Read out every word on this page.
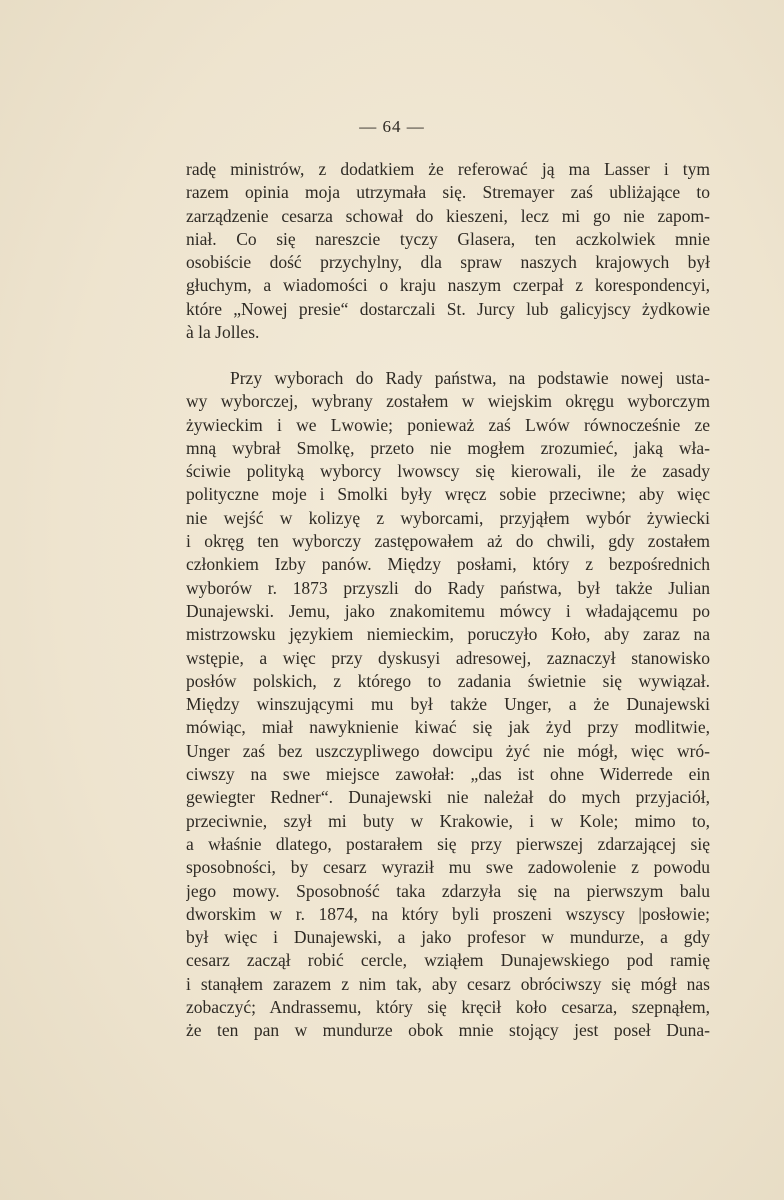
— 64 —
radę ministrów, z dodatkiem że referować ją ma Lasser i tym
razem opinia moja utrzymała się. Stremayer zaś ubliżające to
zarządzenie cesarza schował do kieszeni, lecz mi go nie zapom-
niał. Co się nareszcie tyczy Glasera, ten aczkolwiek mnie
osobiście dość przychylny, dla spraw naszych krajowych był
głuchym, a wiadomości o kraju naszym czerpał z korespondencyi,
które „Nowej presie“ dostarczali St. Jurcy lub galicyjscy żydkowie
à la Jolles.
Przy wyborach do Rady państwa, na podstawie nowej usta-
wy wyborczej, wybrany zostałem w wiejskim okręgu wyborczym
żywieckim i we Lwowie; ponieważ zaś Lwów równocześnie ze
mną wybrał Smolkę, przeto nie mogłem zrozumieć, jaką wła-
ściwie polityką wyborcy lwowscy się kierowali, ile że zasady
polityczne moje i Smolki były wręcz sobie przeciwne; aby więc
nie wejść w kolizyę z wyborcami, przyjąłem wybór żywiecki
i okręg ten wyborczy zastępowałem aż do chwili, gdy zostałem
członkiem Izby panów. Między posłami, który z bezpośrednich
wyborów r. 1873 przyszli do Rady państwa, był także Julian
Dunajewski. Jemu, jako znakomitemu mówcy i władającemu po
mistrzowsku językiem niemieckim, poruczyło Koło, aby zaraz na
wstępie, a więc przy dyskusyi adresowej, zaznaczył stanowisko
posłów polskich, z którego to zadania świetnie się wywiązał.
Między winszującymi mu był także Unger, a że Dunajewski
mówiąc, miał nawyknienie kiwać się jak żyd przy modlitwie,
Unger zaś bez uszczypliwego dowcipu żyć nie mógł, więc wró-
ciwszy na swe miejsce zawołał: „das ist ohne Widerrede ein
gewiegter Redner“. Dunajewski nie należał do mych przyjaciół,
przeciwnie, szył mi buty w Krakowie, i w Kole; mimo to,
a właśnie dlatego, postarałem się przy pierwszej zdarzającej się
sposobności, by cesarz wyraził mu swe zadowolenie z powodu
jego mowy. Sposobność taka zdarzyła się na pierwszym balu
dworskim w r. 1874, na który byli proszeni wszyscy |posłowie;
był więc i Dunajewski, a jako profesor w mundurze, a gdy
cesarz zaczął robić cercle, wziąłem Dunajewskiego pod ramię
i stanąłem zarazem z nim tak, aby cesarz obróciwszy się mógł nas
zobaczyć; Andrassemu, który się kręcił koło cesarza, szepnąłem,
że ten pan w mundurze obok mnie stojący jest poseł Duna-
